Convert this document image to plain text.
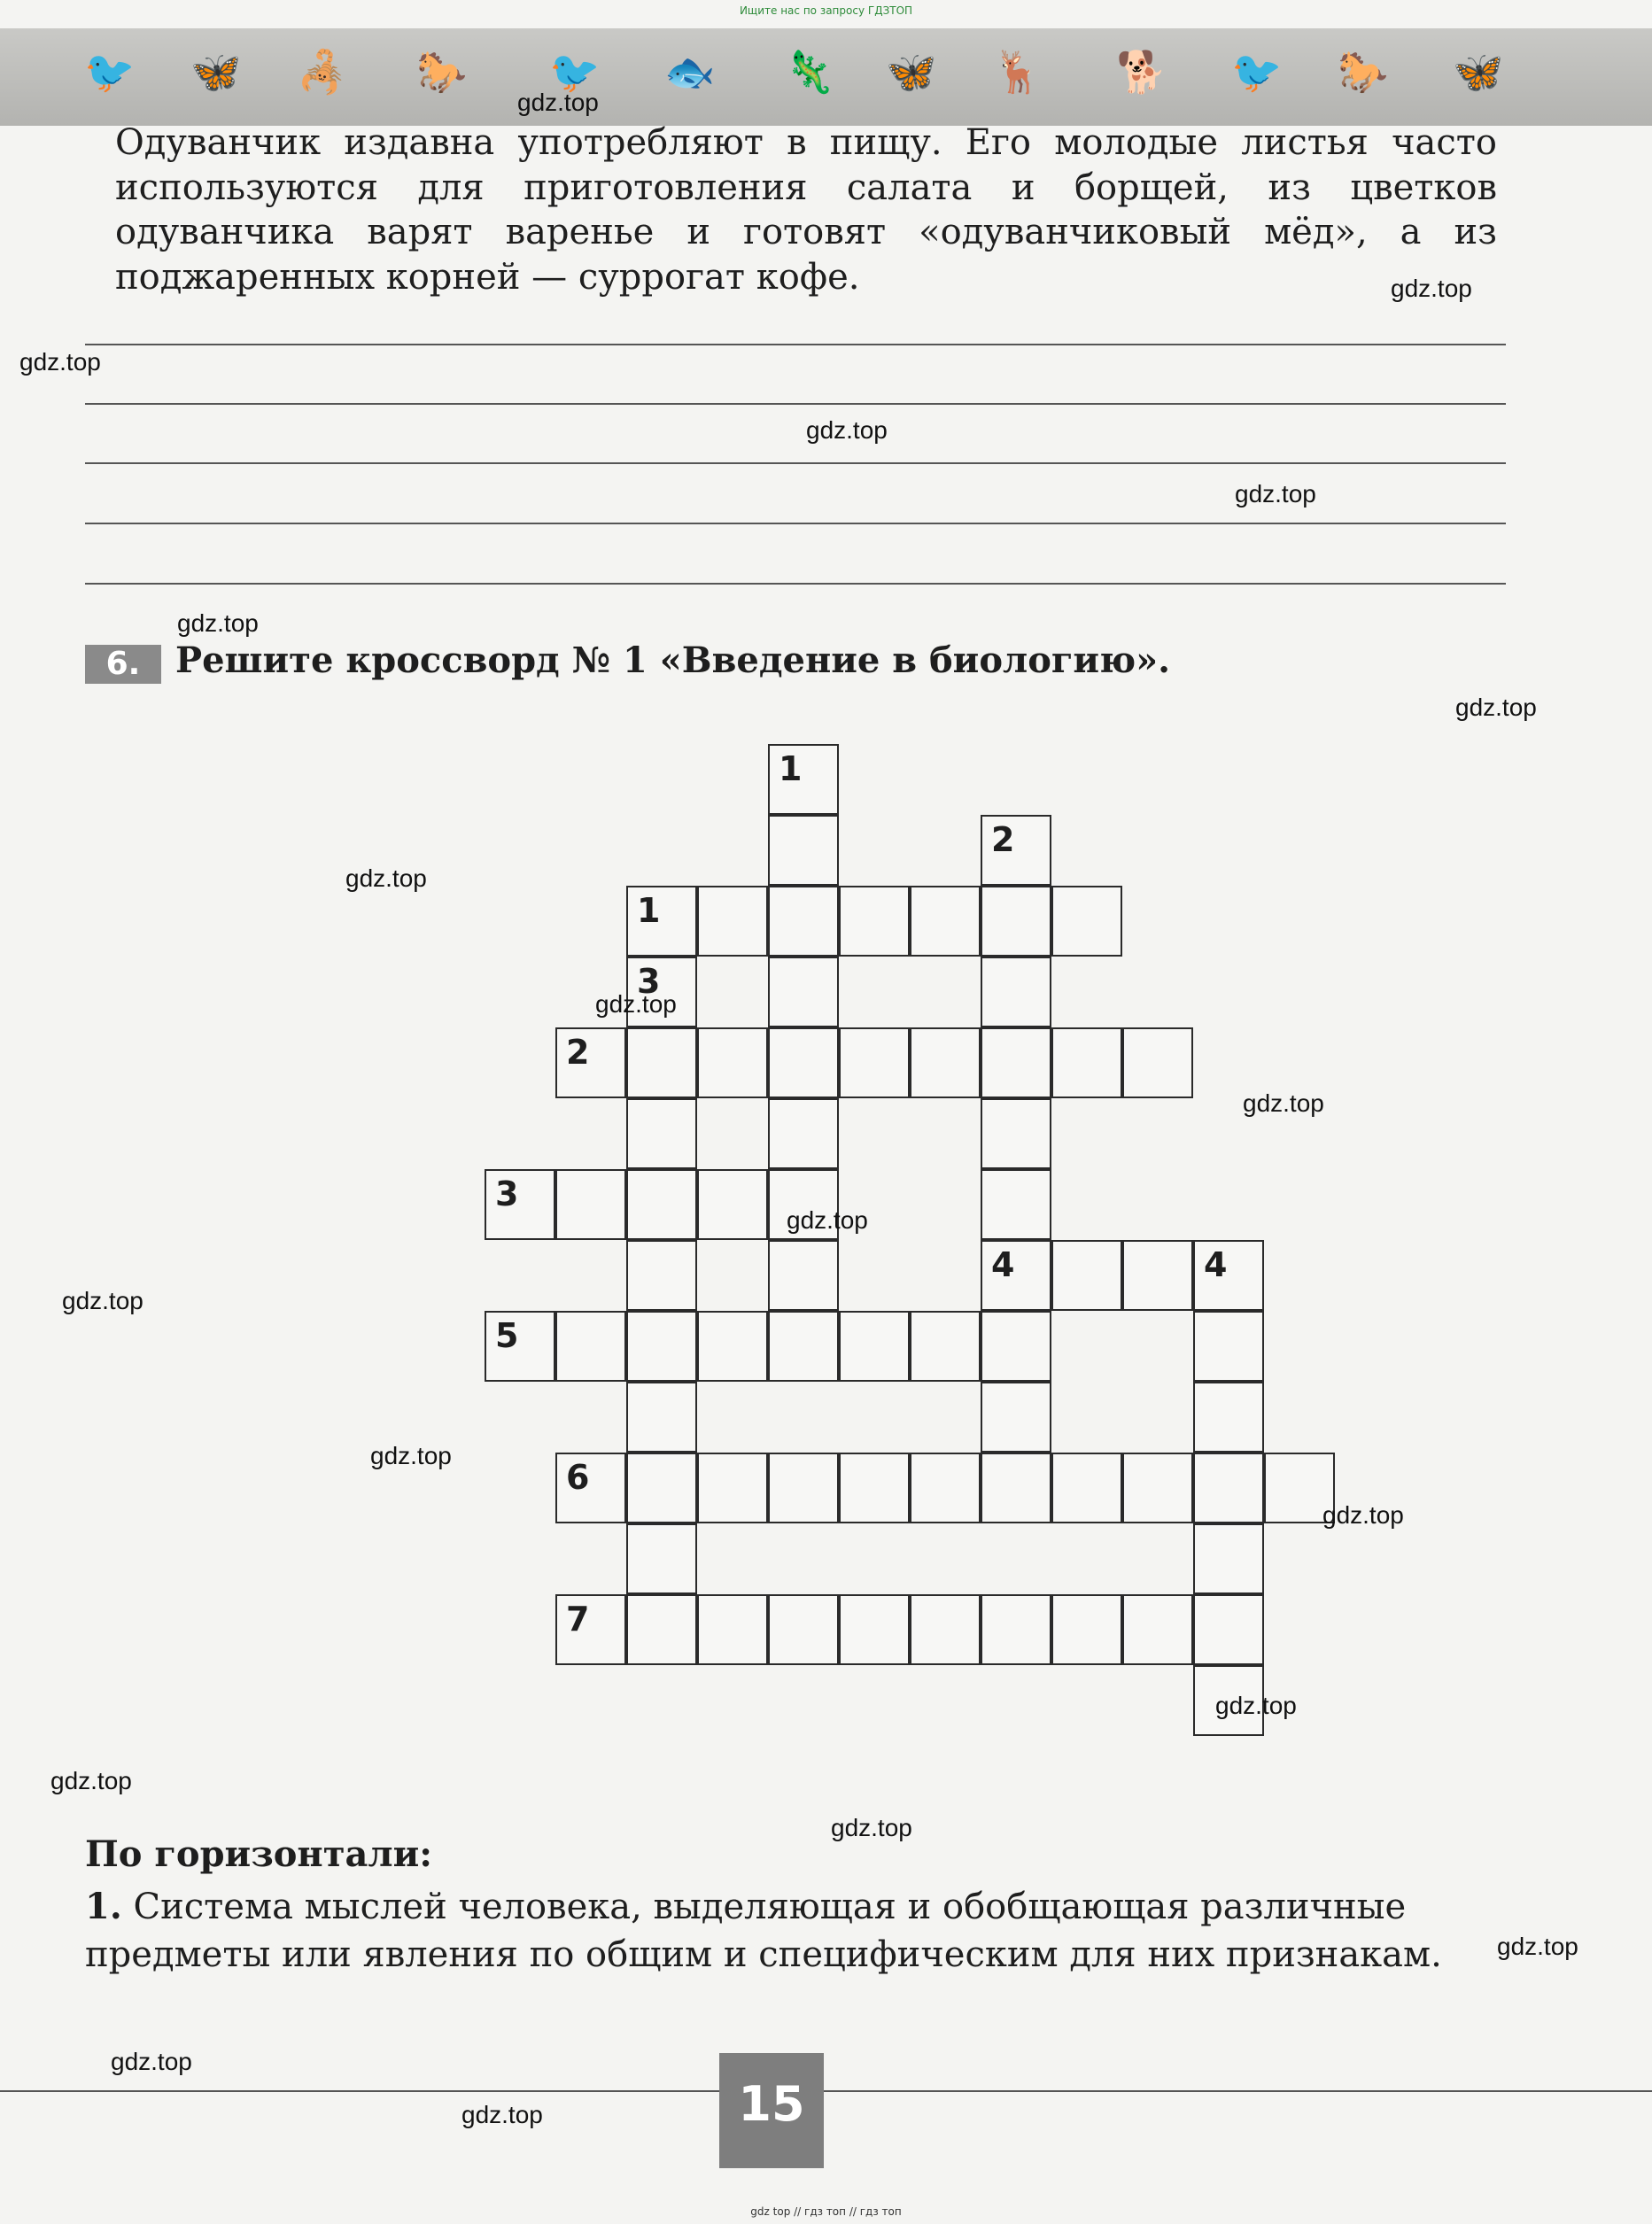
Ищите нас по запросу ГДЗТОП
🐦 🦋 🦂 🐎 🐦 🐟 🦎 🦋 🦌 🐕 🐦 🐎 🦋
Одуванчик издавна употребляют в пищу. Его молодые листья часто используются для приготовления салата и борщей, из цветков одуванчика варят варенье и готовят «одуванчиковый мёд», а из поджаренных корней — суррогат кофе.
6. Решите кроссворд № 1 «Введение в биологию».
1
2
4
3
4
1
2
3
5
6
7
По горизонтали:
1. Система мыслей человека, выделяющая и обобщающая различные предметы или явления по общим и специфическим для них признакам.
15
gdz top // гдз топ // гдз топ
gdz.top
gdz.top
gdz.top
gdz.top
gdz.top
gdz.top
gdz.top
gdz.top
gdz.top
gdz.top
gdz.top
gdz.top
gdz.top
gdz.top
gdz.top
gdz.top
gdz.top
gdz.top
gdz.top
gdz.top
